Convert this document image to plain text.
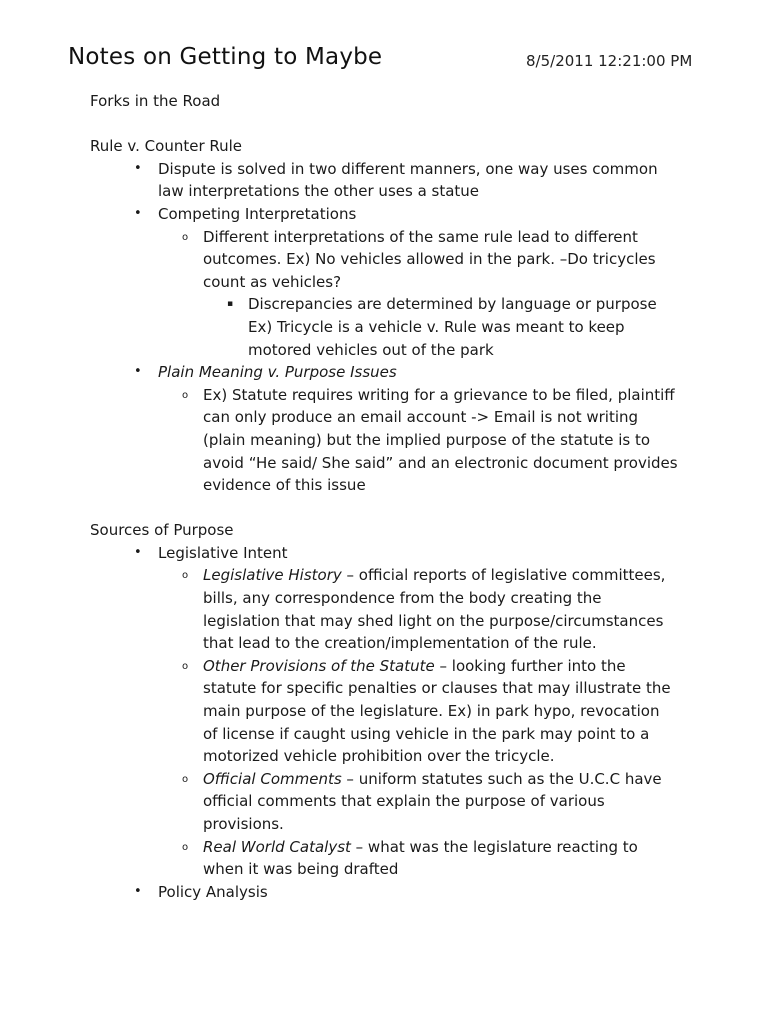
Notes on Getting to Maybe	8/5/2011 12:21:00 PM
Forks in the Road
Rule v. Counter Rule
• Dispute is solved in two different manners, one way uses common law interpretations the other uses a statue
• Competing Interpretations
o Different interpretations of the same rule lead to different outcomes. Ex) No vehicles allowed in the park. –Do tricycles count as vehicles?
▪ Discrepancies are determined by language or purpose Ex) Tricycle is a vehicle v. Rule was meant to keep motored vehicles out of the park
• Plain Meaning v. Purpose Issues
o Ex) Statute requires writing for a grievance to be filed, plaintiff can only produce an email account -> Email is not writing (plain meaning) but the implied purpose of the statute is to avoid “He said/ She said” and an electronic document provides evidence of this issue
Sources of Purpose
• Legislative Intent
o Legislative History – official reports of legislative committees, bills, any correspondence from the body creating the legislation that may shed light on the purpose/circumstances that lead to the creation/implementation of the rule.
o Other Provisions of the Statute – looking further into the statute for specific penalties or clauses that may illustrate the main purpose of the legislature. Ex) in park hypo, revocation of license if caught using vehicle in the park may point to a motorized vehicle prohibition over the tricycle.
o Official Comments – uniform statutes such as the U.C.C have official comments that explain the purpose of various provisions.
o Real World Catalyst – what was the legislature reacting to when it was being drafted
• Policy Analysis
